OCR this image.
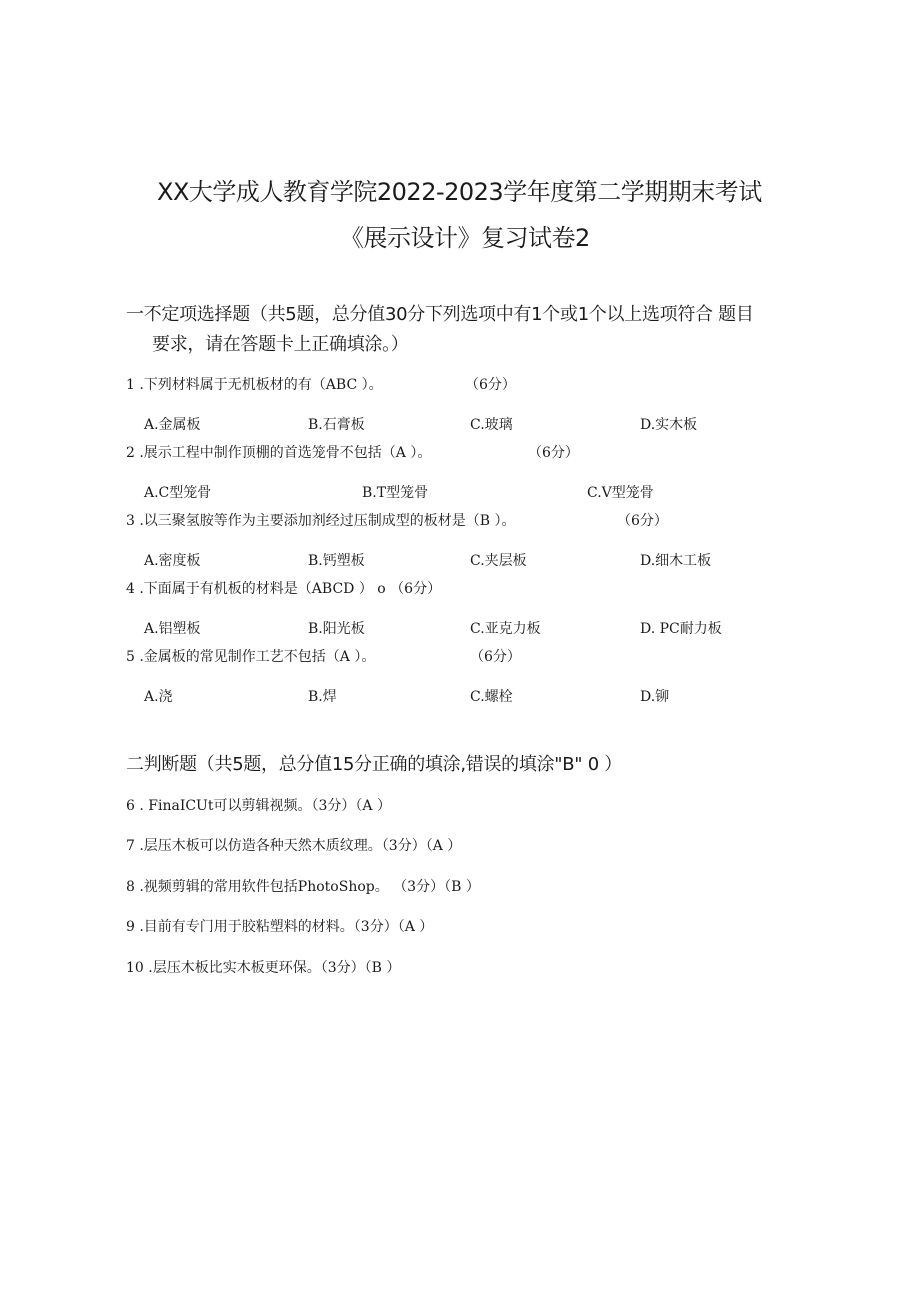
XX大学成人教育学院2022-2023学年度第二学期期末考试
《展示设计》复习试卷2
一不定项选择题（共5题，总分值30分下列选项中有1个或1个以上选项符合 题目
要求，请在答题卡上正确填涂。）
1 .下列材料属于无机板材的有（ABC ）。	（6分）
A.金属板	B.石膏板	C.玻璃	D.实木板
2 .展示工程中制作顶棚的首选笼骨不包括（A ）。	（6分）
A.C型笼骨	B.T型笼骨	C.V型笼骨
3 .以三聚氢胺等作为主要添加剂经过压制成型的板材是（B ）。	（6分）
A.密度板	B.钙塑板	C.夹层板	D.细木工板
4 .下面属于有机板的材料是（ABCD ） o （6分）
A.铝塑板	B.阳光板	C.亚克力板	D. PC耐力板
5 .金属板的常见制作工艺不包括（A ）。	（6分）
A.浇	B.焊	C.螺栓	D.铆
二判断题（共5题，总分值15分正确的填涂,错误的填涂"B" 0 ）
6 . FinaICUt可以剪辑视频。（3分）（A ）
7 .层压木板可以仿造各种天然木质纹理。（3分）（A ）
8 .视频剪辑的常用软件包括PhotoShop。 （3分）（B ）
9 .目前有专门用于胶粘塑料的材料。（3分）（A ）
10 .层压木板比实木板更环保。（3分）（B ）
